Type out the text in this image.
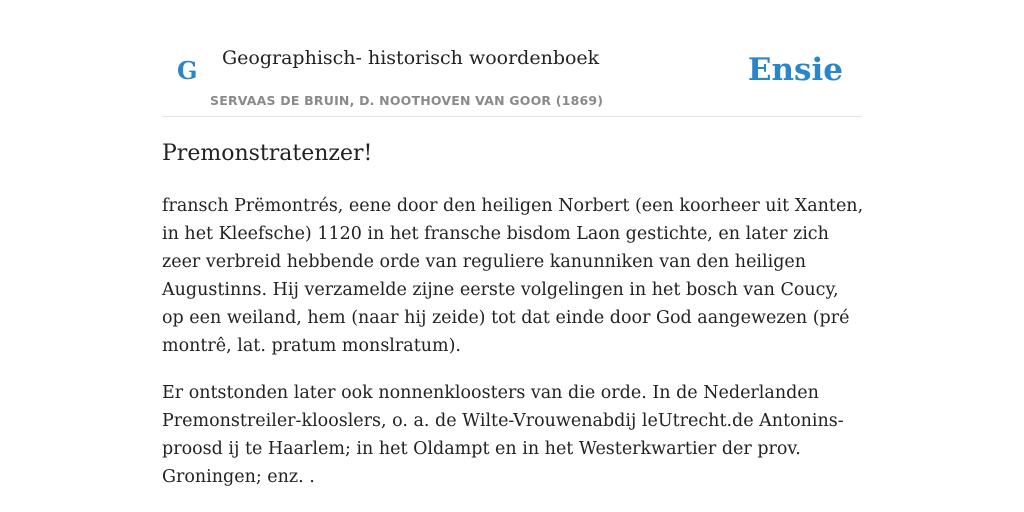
G Geographisch- historisch woordenboek
SERVAAS DE BRUIN, D. NOOTHOVEN VAN GOOR (1869)
Ensie
Premonstratenzer!

fransch Prëmontrés, eene door den heiligen Norbert (een koorheer uit Xanten, in het Kleefsche) 1120 in het fransche bisdom Laon gestichte, en later zich zeer verbreid hebbende orde van reguliere kanunniken van den heiligen Augustinns. Hij verzamelde zijne eerste volgelingen in het bosch van Coucy, op een weiland, hem (naar hij zeide) tot dat einde door God aangewezen (pré montrê, lat. pratum monslratum).

Er ontstonden later ook nonnenkloosters van die orde. In de Nederlanden Premonstreiler-klooslers, o. a. de Wilte-Vrouwenabdij leUtrecht.de Antonins-proosd ij te Haarlem; in het Oldampt en in het Westerkwartier der prov. Groningen; enz. .
